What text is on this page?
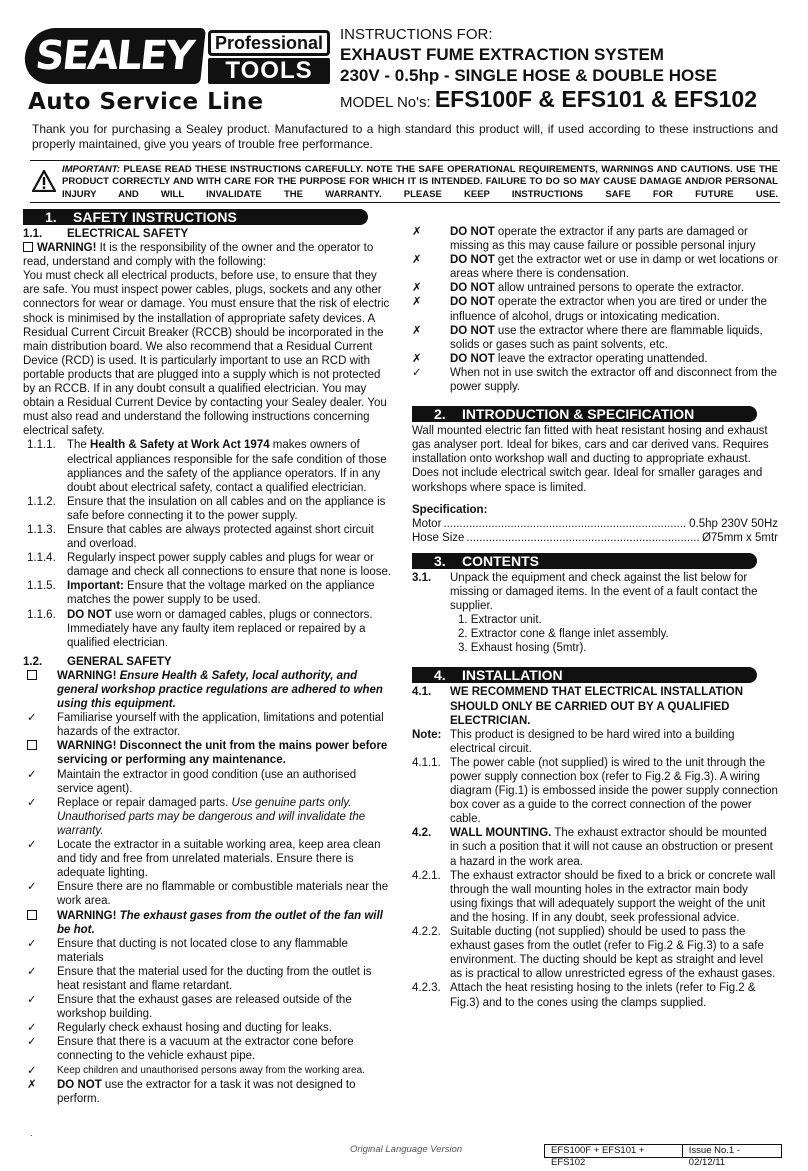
SEALEY	Professional
TOOLS
Auto Service Line
INSTRUCTIONS FOR:
EXHAUST FUME EXTRACTION SYSTEM
230V - 0.5hp - SINGLE HOSE & DOUBLE HOSE
MODEL No's: EFS100F & EFS101 & EFS102
Thank you for purchasing a Sealey product. Manufactured to a high standard this product will, if used according to these instructions and properly maintained, give you years of trouble free performance.
IMPORTANT: PLEASE READ THESE INSTRUCTIONS CAREFULLY. NOTE THE SAFE OPERATIONAL REQUIREMENTS, WARNINGS AND CAUTIONS. USE THE PRODUCT CORRECTLY AND WITH CARE FOR THE PURPOSE FOR WHICH IT IS INTENDED. FAILURE TO DO SO MAY CAUSE DAMAGE AND/OR PERSONAL INJURY AND WILL INVALIDATE THE WARRANTY. PLEASE KEEP INSTRUCTIONS SAFE FOR FUTURE USE.
1. SAFETY INSTRUCTIONS
1.1.	ELECTRICAL SAFETY
WARNING! It is the responsibility of the owner and the operator to read, understand and comply with the following:
You must check all electrical products, before use, to ensure that they are safe. You must inspect power cables, plugs, sockets and any other connectors for wear or damage. You must ensure that the risk of electric shock is minimised by the installation of appropriate safety devices. A Residual Current Circuit Breaker (RCCB) should be incorporated in the main distribution board. We also recommend that a Residual Current Device (RCD) is used. It is particularly important to use an RCD with portable products that are plugged into a supply which is not protected by an RCCB. If in any doubt consult a qualified electrician. You may obtain a Residual Current Device by contacting your Sealey dealer. You must also read and understand the following instructions concerning electrical safety.
1.1.1. The Health & Safety at Work Act 1974 makes owners of electrical appliances responsible for the safe condition of those appliances and the safety of the appliance operators. If in any doubt about electrical safety, contact a qualified electrician.
1.1.2. Ensure that the insulation on all cables and on the appliance is safe before connecting it to the power supply.
1.1.3. Ensure that cables are always protected against short circuit and overload.
1.1.4. Regularly inspect power supply cables and plugs for wear or damage and check all connections to ensure that none is loose.
1.1.5. Important: Ensure that the voltage marked on the appliance matches the power supply to be used.
1.1.6. DO NOT use worn or damaged cables, plugs or connectors. Immediately have any faulty item replaced or repaired by a qualified electrician.
1.2.	GENERAL SAFETY
WARNING! Ensure Health & Safety, local authority, and general workshop practice regulations are adhered to when using this equipment.
✓	Familiarise yourself with the application, limitations and potential hazards of the extractor.
WARNING! Disconnect the unit from the mains power before servicing or performing any maintenance.
✓	Maintain the extractor in good condition (use an authorised service agent).
✓	Replace or repair damaged parts. Use genuine parts only. Unauthorised parts may be dangerous and will invalidate the warranty.
✓	Locate the extractor in a suitable working area, keep area clean and tidy and free from unrelated materials. Ensure there is adequate lighting.
✓	Ensure there are no flammable or combustible materials near the work area.
WARNING! The exhaust gases from the outlet of the fan will be hot.
✓	Ensure that ducting is not located close to any flammable materials
✓	Ensure that the material used for the ducting from the outlet is heat resistant and flame retardant.
✓	Ensure that the exhaust gases are released outside of the workshop building.
✓	Regularly check exhaust hosing and ducting for leaks.
✓	Ensure that there is a vacuum at the extractor cone before connecting to the vehicle exhaust pipe.
✓	Keep children and unauthorised persons away from the working area.
✗	DO NOT use the extractor for a task it was not designed to perform.
✗	DO NOT operate the extractor if any parts are damaged or missing as this may cause failure or possible personal injury
✗	DO NOT get the extractor wet or use in damp or wet locations or areas where there is condensation.
✗	DO NOT allow untrained persons to operate the extractor.
✗	DO NOT operate the extractor when you are tired or under the influence of alcohol, drugs or intoxicating medication.
✗	DO NOT use the extractor where there are flammable liquids, solids or gases such as paint solvents, etc.
✗	DO NOT leave the extractor operating unattended.
✓	When not in use switch the extractor off and disconnect from the power supply.
2. INTRODUCTION & SPECIFICATION
Wall mounted electric fan fitted with heat resistant hosing and exhaust gas analyser port. Ideal for bikes, cars and car derived vans. Requires installation onto workshop wall and ducting to appropriate exhaust. Does not include electrical switch gear. Ideal for smaller garages and workshops where space is limited.
Specification:
Motor .....	0.5hp 230V 50Hz
Hose Size .....	Ø75mm x 5mtr
3. CONTENTS
3.1.	Unpack the equipment and check against the list below for missing or damaged items. In the event of a fault contact the supplier.
1. Extractor unit.
2. Extractor cone & flange inlet assembly.
3. Exhaust hosing (5mtr).
4. INSTALLATION
4.1.	WE RECOMMEND THAT ELECTRICAL INSTALLATION SHOULD ONLY BE CARRIED OUT BY A QUALIFIED ELECTRICIAN.
Note: This product is designed to be hard wired into a building electrical circuit.
4.1.1. The power cable (not supplied) is wired to the unit through the power supply connection box (refer to Fig.2 & Fig.3). A wiring diagram (Fig.1) is embossed inside the power supply connection box cover as a guide to the correct connection of the power cable.
4.2.	WALL MOUNTING. The exhaust extractor should be mounted in such a position that it will not cause an obstruction or present a hazard in the work area.
4.2.1. The exhaust extractor should be fixed to a brick or concrete wall through the wall mounting holes in the extractor main body using fixings that will adequately support the weight of the unit and the hosing. If in any doubt, seek professional advice.
4.2.2. Suitable ducting (not supplied) should be used to pass the exhaust gases from the outlet (refer to Fig.2 & Fig.3) to a safe environment. The ducting should be kept as straight and level as is practical to allow unrestricted egress of the exhaust gases.
4.2.3. Attach the heat resisting hosing to the inlets (refer to Fig.2 & Fig.3) and to the cones using the clamps supplied.
.
Original Language Version	EFS100F + EFS101 + EFS102
Issue No.1 - 02/12/11
